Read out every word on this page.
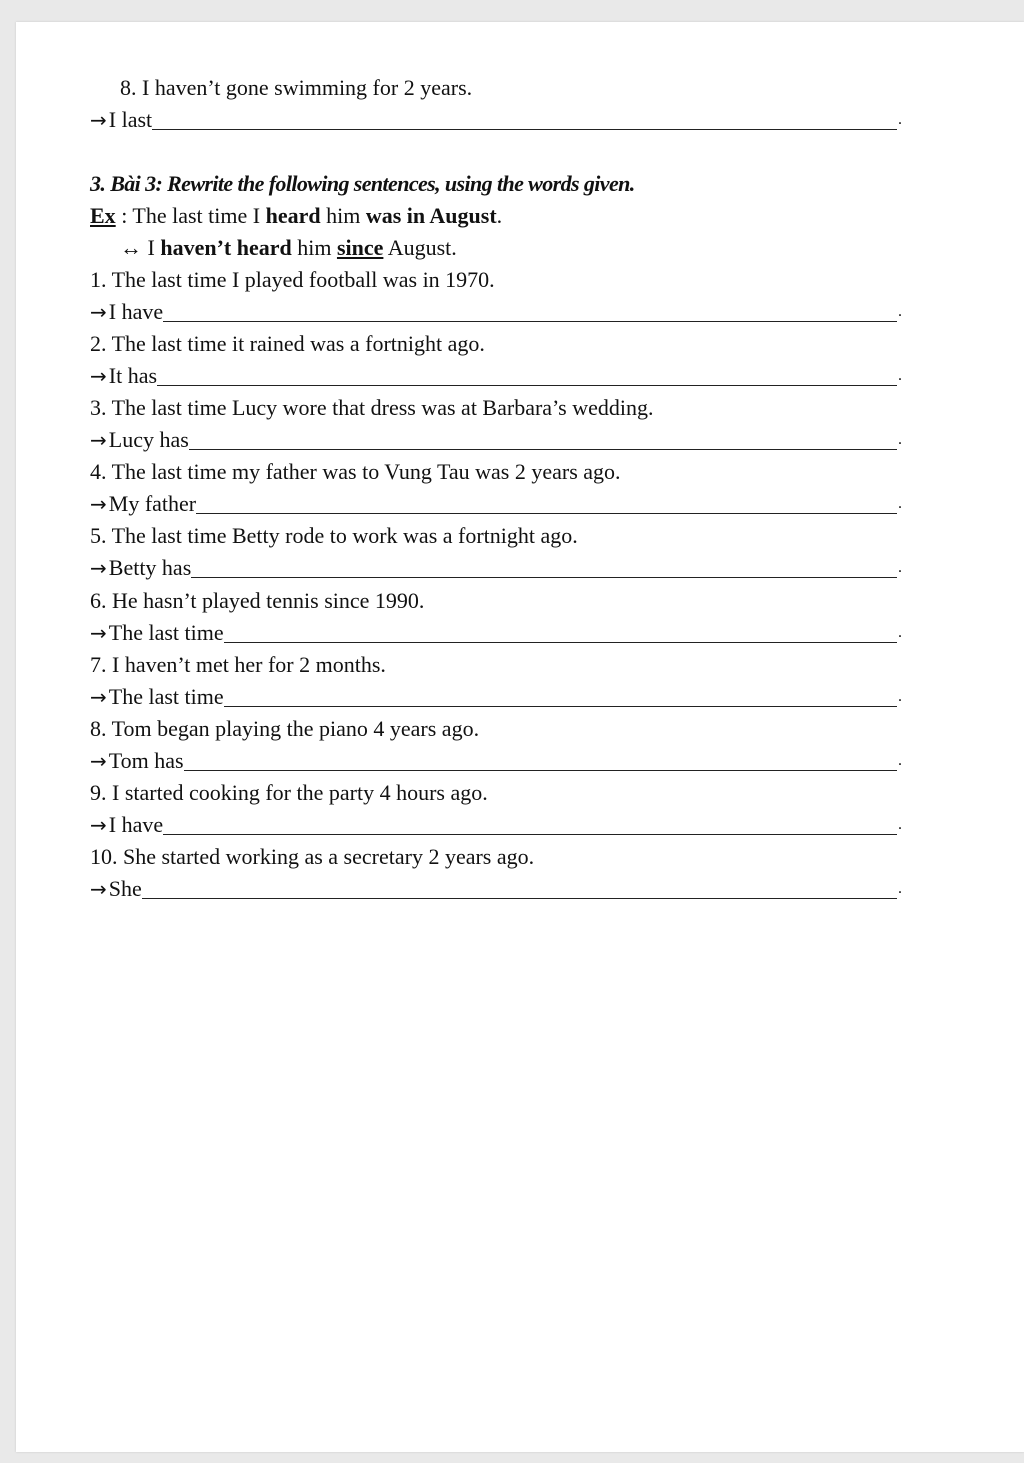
8. I haven’t gone swimming for 2 years.
→ I last	.
3. Bài 3: Rewrite the following sentences, using the words given.
Ex : The last time I heard him was in August.
↔ I haven’t heard him since August.
1. The last time I played football was in 1970.
→ I have	.
2. The last time it rained was a fortnight ago.
→ It has	.
3. The last time Lucy wore that dress was at Barbara’s wedding.
→ Lucy has	.
4. The last time my father was to Vung Tau was 2 years ago.
→ My father	.
5. The last time Betty rode to work was a fortnight ago.
→ Betty has	.
6. He hasn’t played tennis since 1990.
→ The last time	.
7. I haven’t met her for 2 months.
→ The last time	.
8. Tom began playing the piano 4 years ago.
→ Tom has	.
9. I started cooking for the party 4 hours ago.
→ I have	.
10. She started working as a secretary 2 years ago.
→ She	.
